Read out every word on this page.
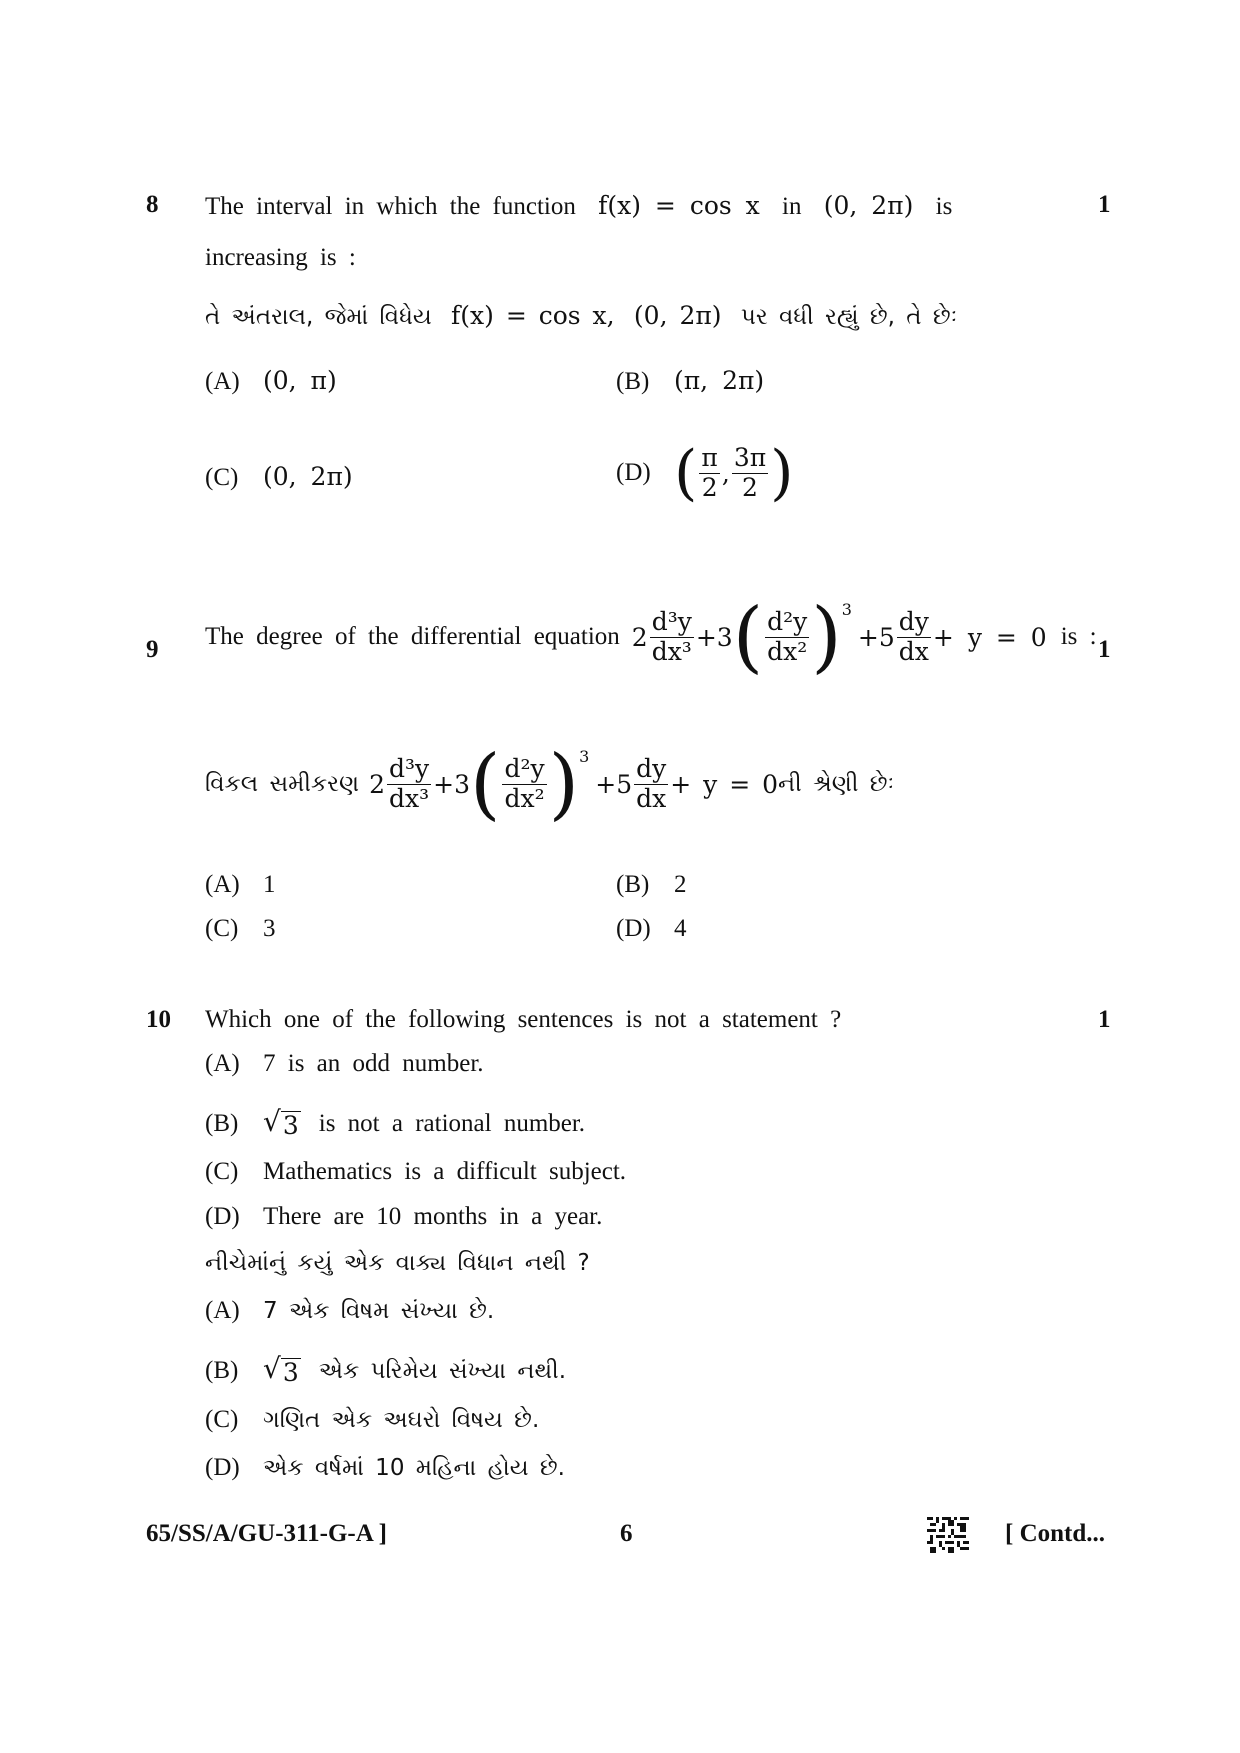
8	1
The interval in which the function f(x) = cos x in (0, 2π) is
increasing is :
તે અંતરાલ, જેમાં વિધેય f(x) = cos x, (0, 2π) પર વધી રહ્યું છે, તે છેઃ
(A) (0, π)	(B) (π, 2π)
(C) (0, 2π)	(D) ( $\frac{\pi}{2}$ , $\frac{3\pi}{2}$ )
9	1
The degree of the differential equation $2 \frac{\text{d³y}}{\text{dx³}} +3$ ( $\frac{\text{d²y}}{\text{dx²}}$ ) 3
$+5 \frac{dy}{dx} + y = 0$ is :
વિકલ સમીકરણ $2 \frac{\text{d³y}}{\text{dx³}} +3$ ( $\frac{\text{d²y}}{\text{dx²}}$ ) 3
$+5 \frac{dy}{dx} + y = 0$ ની શ્રેણી છેઃ
(A) 1	(B) 2
(C) 3	(D) 4
10	1
Which one of the following sentences is not a statement ?
(A) 7 is an odd number.
(B) √ 3 is not a rational number.
(C) Mathematics is a difficult subject.
(D) There are 10 months in a year.
નીચેમાંનું કયું એક વાક્ય વિધાન નથી ?
(A) 7 એક વિષમ સંખ્યા છે.
(B) √ 3 એક પરિમેય સંખ્યા નથી.
(C) ગણિત એક અઘરો વિષય છે.
(D) એક વર્ષમાં 10 મહિના હોય છે.
65/SS/A/GU-311-G-A ]	6	[ Contd...
